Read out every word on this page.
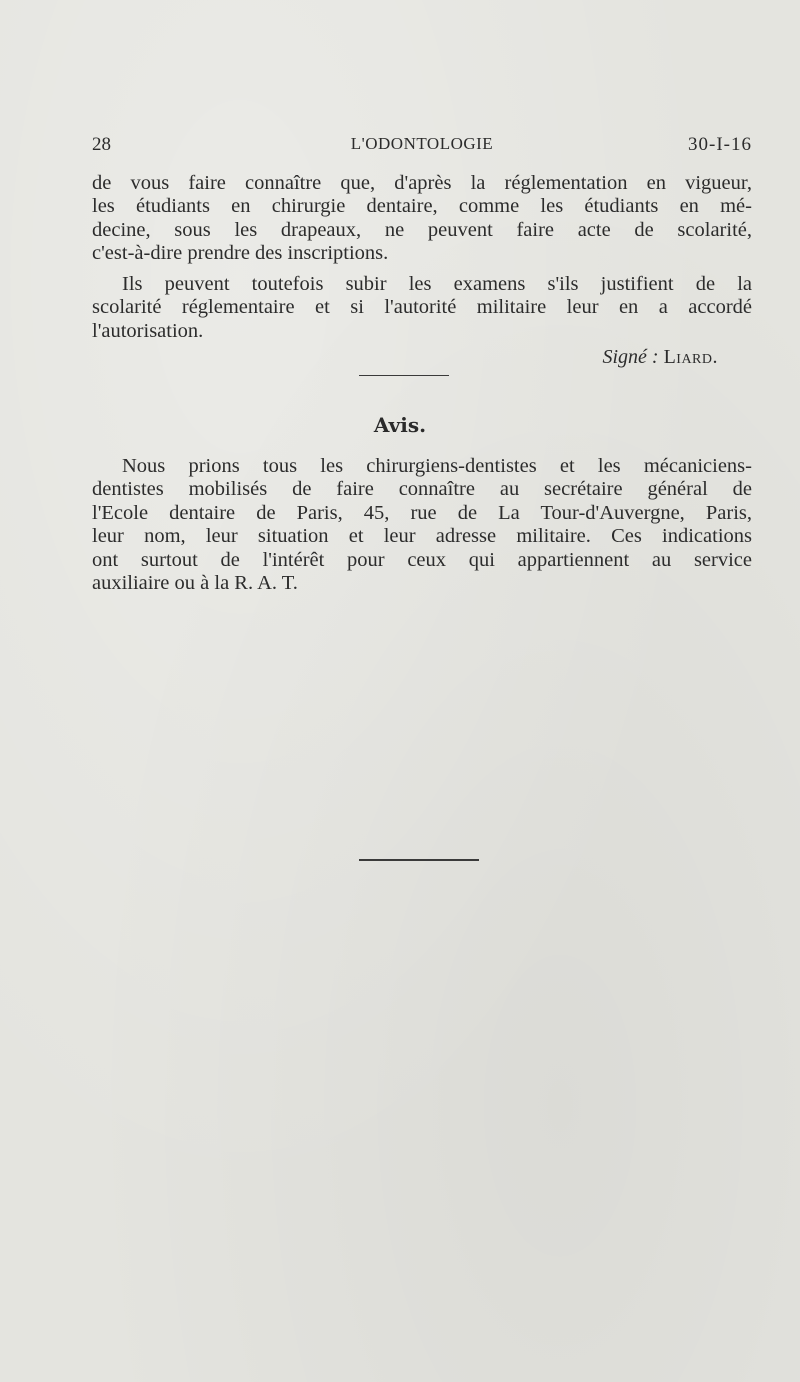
28	L'ODONTOLOGIE	30-I-16
de vous faire connaître que, d'après la réglementation en vigueur,
les étudiants en chirurgie dentaire, comme les étudiants en mé-
decine, sous les drapeaux, ne peuvent faire acte de scolarité,
c'est-à-dire prendre des inscriptions.
Ils peuvent toutefois subir les examens s'ils justifient de la
scolarité réglementaire et si l'autorité militaire leur en a accordé
l'autorisation.
Signé : Liard.
Avis.
Nous prions tous les chirurgiens-dentistes et les mécaniciens-
dentistes mobilisés de faire connaître au secrétaire général de
l'Ecole dentaire de Paris, 45, rue de La Tour-d'Auvergne, Paris,
leur nom, leur situation et leur adresse militaire. Ces indications
ont surtout de l'intérêt pour ceux qui appartiennent au service
auxiliaire ou à la R. A. T.
